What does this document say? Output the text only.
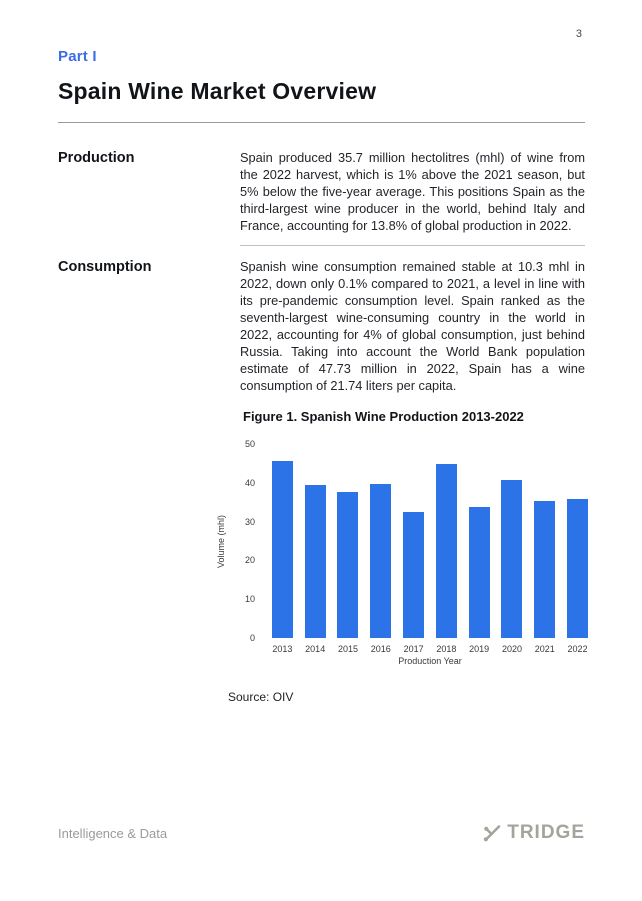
3
Part I
Spain Wine Market Overview
Production	Spain produced 35.7 million hectolitres (mhl) of wine from the 2022 harvest, which is 1% above the 2021 season, but 5% below the five-year average. This positions Spain as the third-largest wine producer in the world, behind Italy and France, accounting for 13.8% of global production in 2022.
Consumption	Spanish wine consumption remained stable at 10.3 mhl in 2022, down only 0.1% compared to 2021, a level in line with its pre-pandemic consumption level. Spain ranked as the seventh-largest wine-consuming country in the world in 2022, accounting for 4% of global consumption, just behind Russia. Taking into account the World Bank population estimate of 47.73 million in 2022, Spain has a wine consumption of 21.74 liters per capita.
Figure 1. Spanish Wine Production 2013-2022
Volume (mhl)
0
10
20
30
40
50
2013 2014 2015 2016 2017 2018 2019 2020 2021 2022
Production Year
Source: OIV
Intelligence & Data	TRIDGE
